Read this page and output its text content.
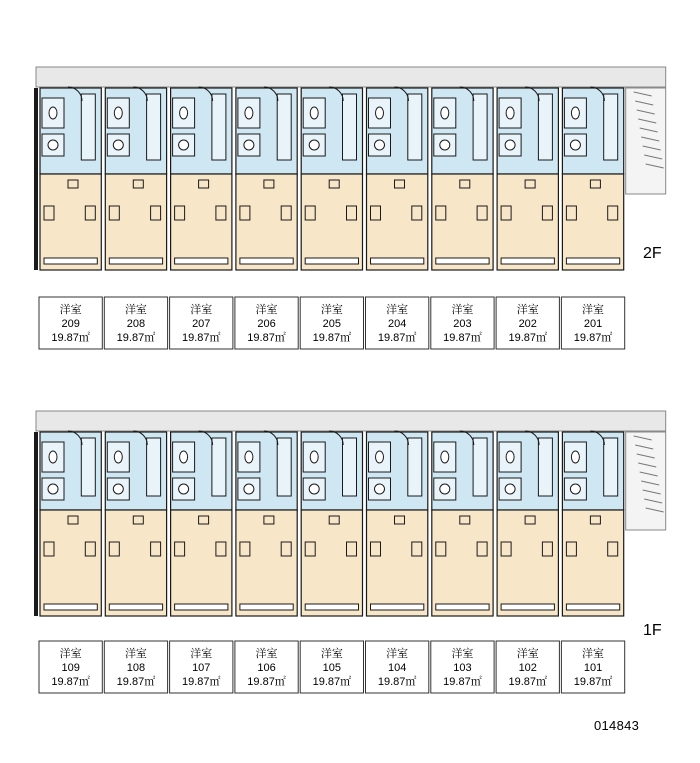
洋室
209
19.87㎡
洋室
208
19.87㎡
洋室
207
19.87㎡
洋室
206
19.87㎡
洋室
205
19.87㎡
洋室
204
19.87㎡
洋室
203
19.87㎡
洋室
202
19.87㎡
洋室
201
19.87㎡
洋室
109
19.87㎡
洋室
108
19.87㎡
洋室
107
19.87㎡
洋室
106
19.87㎡
洋室
105
19.87㎡
洋室
104
19.87㎡
洋室
103
19.87㎡
洋室
102
19.87㎡
洋室
101
19.87㎡
2F
1F
014843
